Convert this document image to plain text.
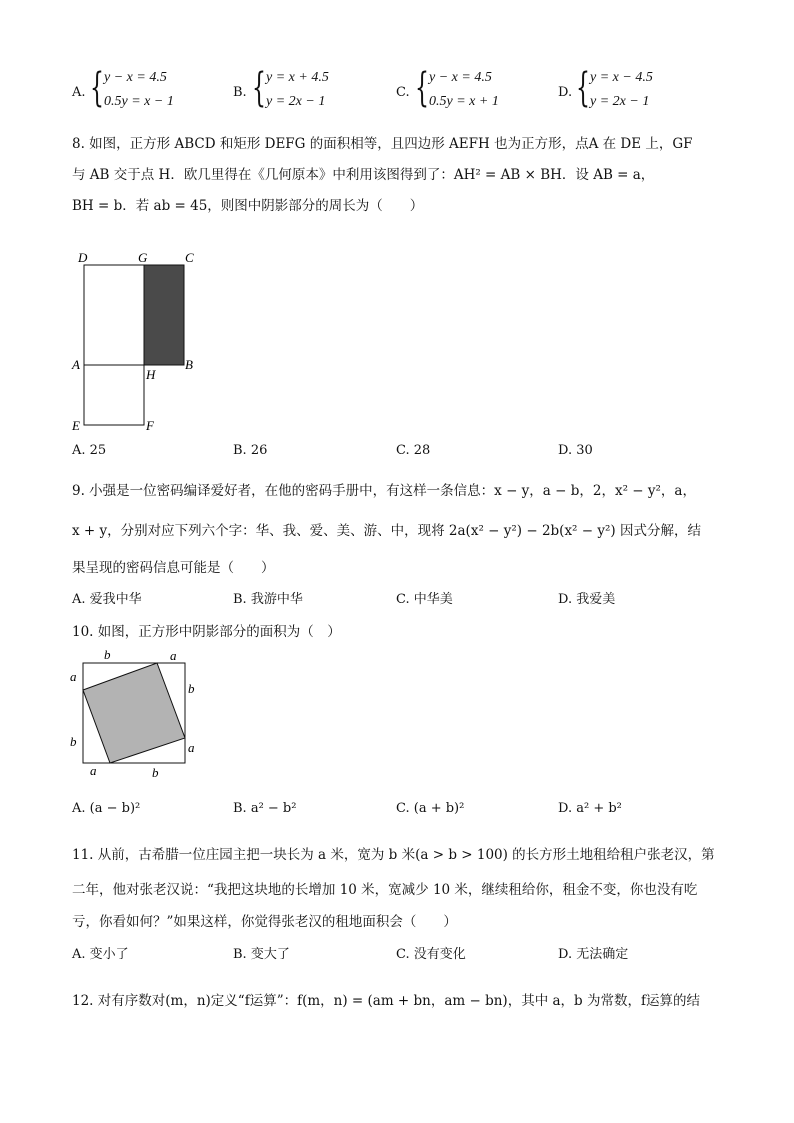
A. { y − x = 4.5
0.5y = x − 1
B. { y = x + 4.5
y = 2x − 1
C. { y − x = 4.5
0.5y = x + 1
D. { y = x − 4.5
y = 2x − 1
8. 如图，正方形 ABCD 和矩形 DEFG 的面积相等，且四边形 AEFH 也为正方形，点A 在 DE 上，GF
与 AB 交于点 H．欧几里得在《几何原本》中利用该图得到了：AH² = AB × BH．设 AB = a，
BH = b．若 ab = 45，则图中阴影部分的周长为（　　）
D	G	C
A
H
B
E	F
A. 25	B. 26	C. 28	D. 30
9. 小强是一位密码编译爱好者，在他的密码手册中，有这样一条信息：x − y，a − b，2，x² − y²，a，
x + y，分别对应下列六个字：华、我、爱、美、游、中，现将 2a(x² − y²) − 2b(x² − y²) 因式分解，结
果呈现的密码信息可能是（　　）
A. 爱我中华	B. 我游中华	C. 中华美	D. 我爱美
10. 如图，正方形中阴影部分的面积为（　）
b	a
a
b
b	a
a	b
A. (a − b)²	B. a² − b²	C. (a + b)²	D. a² + b²
11. 从前，古希腊一位庄园主把一块长为 a 米，宽为 b 米(a > b > 100) 的长方形土地租给租户张老汉，第
二年，他对张老汉说：“我把这块地的长增加 10 米，宽减少 10 米，继续租给你，租金不变，你也没有吃
亏，你看如何？”如果这样，你觉得张老汉的租地面积会（　　）
A. 变小了	B. 变大了	C. 没有变化	D. 无法确定
12. 对有序数对(m，n)定义“f运算”：f(m，n) = (am + bn，am − bn)，其中 a，b 为常数，f运算的结
